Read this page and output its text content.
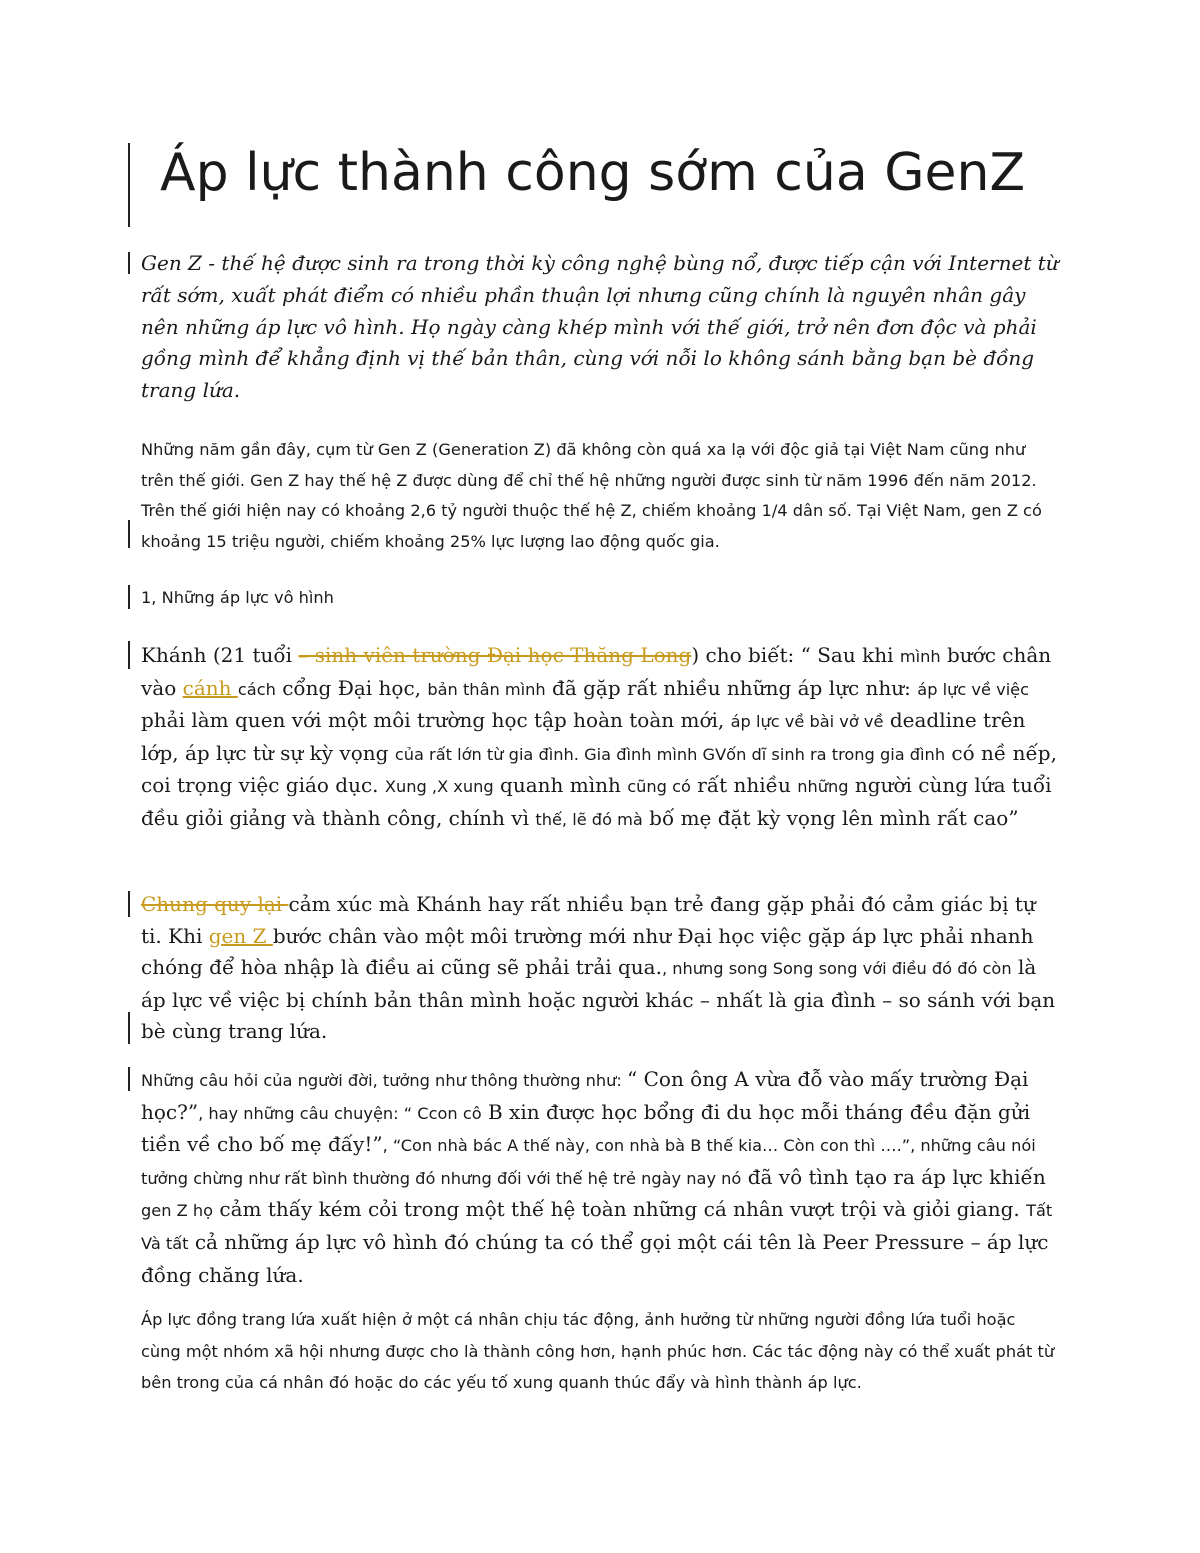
Áp lực thành công sớm của GenZ

Gen Z - thế hệ được sinh ra trong thời kỳ công nghệ bùng nổ, được tiếp cận với Internet từ rất sớm, xuất phát điểm có nhiều phần thuận lợi nhưng cũng chính là nguyên nhân gây nên những áp lực vô hình. Họ ngày càng khép mình với thế giới, trở nên đơn độc và phải gồng mình để khẳng định vị thế bản thân, cùng với nỗi lo không sánh bằng bạn bè đồng trang lứa.

Những năm gần đây, cụm từ Gen Z (Generation Z) đã không còn quá xa lạ với độc giả tại Việt Nam cũng như trên thế giới. Gen Z hay thế hệ Z được dùng để chỉ thế hệ những người được sinh từ năm 1996 đến năm 2012. Trên thế giới hiện nay có khoảng 2,6 tỷ người thuộc thế hệ Z, chiếm khoảng 1/4 dân số. Tại Việt Nam, gen Z có khoảng 15 triệu người, chiếm khoảng 25% lực lượng lao động quốc gia.

1, Những áp lực vô hình

Khánh (21 tuổi – sinh viên trường Đại học Thăng Long) cho biết: “ Sau khi mình bước chân vào cánh cách cổng Đại học, bản thân mình đã gặp rất nhiều những áp lực như: áp lực về việc phải làm quen với một môi trường học tập hoàn toàn mới, áp lực về bài vở về deadline trên lớp, áp lực từ sự kỳ vọng của rất lớn từ gia đình. Gia đình mình GVốn dĩ sinh ra trong gia đình có nề nếp, coi trọng việc giáo dục. Xung ,X xung quanh mình cũng có rất nhiều những người cùng lứa tuổi đều giỏi giảng và thành công, chính vì thế, lẽ đó mà bố mẹ đặt kỳ vọng lên mình rất cao”

Chung quy lại cảm xúc mà Khánh hay rất nhiều bạn trẻ đang gặp phải đó cảm giác bị tự ti. Khi gen Z bước chân vào một môi trường mới như Đại học việc gặp áp lực phải nhanh chóng để hòa nhập là điều ai cũng sẽ phải trải qua., nhưng song Song song với điều đó đó còn là áp lực về việc bị chính bản thân mình hoặc người khác – nhất là gia đình – so sánh với bạn bè cùng trang lứa.

Những câu hỏi của người đời, tưởng như thông thường như: “ Con ông A vừa đỗ vào mấy trường Đại học?”, hay những câu chuyện: “ Ccon cô B xin được học bổng đi du học mỗi tháng đều đặn gửi tiền về cho bố mẹ đấy!”, “Con nhà bác A thế này, con nhà bà B thế kia… Còn con thì ….”, những câu nói tưởng chừng như rất bình thường đó nhưng đối với thế hệ trẻ ngày nay nó đã vô tình tạo ra áp lực khiến gen Z họ cảm thấy kém cỏi trong một thế hệ toàn những cá nhân vượt trội và giỏi giang. Tất Và tất cả những áp lực vô hình đó chúng ta có thể gọi một cái tên là Peer Pressure – áp lực đồng chăng lứa.

Áp lực đồng trang lứa xuất hiện ở một cá nhân chịu tác động, ảnh hưởng từ những người đồng lứa tuổi hoặc cùng một nhóm xã hội nhưng được cho là thành công hơn, hạnh phúc hơn. Các tác động này có thể xuất phát từ bên trong của cá nhân đó hoặc do các yếu tố xung quanh thúc đẩy và hình thành áp lực.
